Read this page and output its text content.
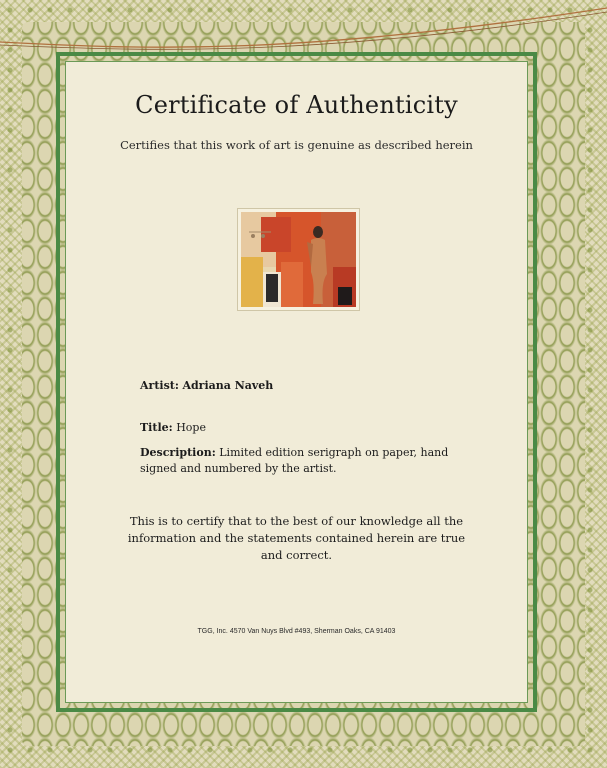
Certificate of Authenticity
Certifies that this work of art is genuine as described herein
Artist: Adriana Naveh
Title: Hope
Description: Limited edition serigraph on paper, hand signed and numbered by the artist.
This is to certify that to the best of our knowledge all the information and the statements contained herein are true and correct.
TGG, Inc. 4570 Van Nuys Blvd #493, Sherman Oaks, CA 91403
